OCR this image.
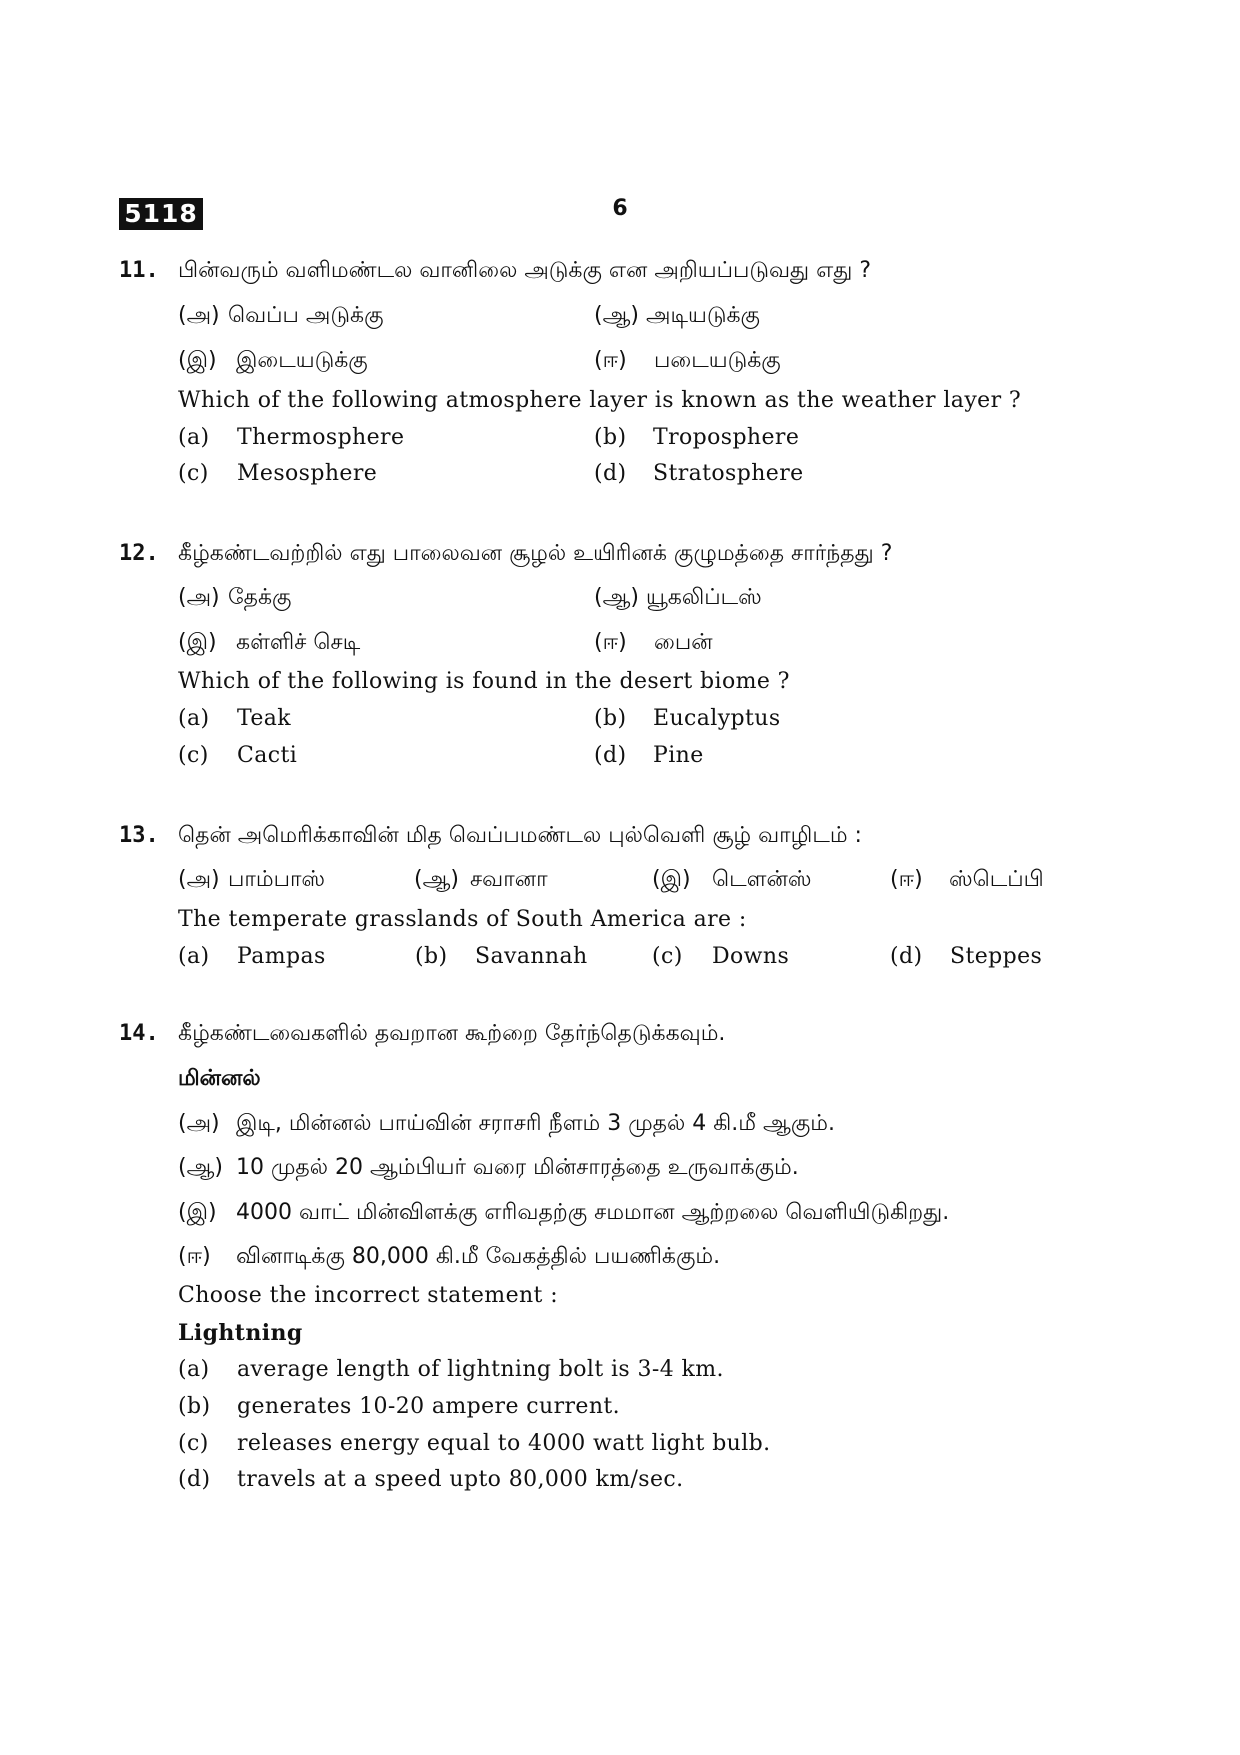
5118	6
11. பின்வரும் வளிமண்டல வானிலை அடுக்கு என அறியப்படுவது எது ?
(அ) வெப்ப அடுக்கு	(ஆ) அடியடுக்கு
(இ) இடையடுக்கு	(ஈ) படையடுக்கு
Which of the following atmosphere layer is known as the weather layer ?
(a) Thermosphere	(b) Troposphere
(c) Mesosphere	(d) Stratosphere
12. கீழ்கண்டவற்றில் எது பாலைவன சூழல் உயிரினக் குழுமத்தை சார்ந்தது ?
(அ) தேக்கு	(ஆ) யூகலிப்டஸ்
(இ) கள்ளிச் செடி	(ஈ) பைன்
Which of the following is found in the desert biome ?
(a) Teak	(b) Eucalyptus
(c) Cacti	(d) Pine
13. தென் அமெரிக்காவின் மித வெப்பமண்டல புல்வெளி சூழ் வாழிடம் :
(அ) பாம்பாஸ்	(ஆ) சவானா	(இ) டௌன்ஸ்	(ஈ) ஸ்டெப்பி
The temperate grasslands of South America are :
(a) Pampas	(b) Savannah	(c) Downs	(d) Steppes
14. கீழ்கண்டவைகளில் தவறான கூற்றை தேர்ந்தெடுக்கவும்.
மின்னல்
(அ) இடி, மின்னல் பாய்வின் சராசரி நீளம் 3 முதல் 4 கி.மீ ஆகும்.
(ஆ) 10 முதல் 20 ஆம்பியர் வரை மின்சாரத்தை உருவாக்கும்.
(இ) 4000 வாட் மின்விளக்கு எரிவதற்கு சமமான ஆற்றலை வெளியிடுகிறது.
(ஈ) வினாடிக்கு 80,000 கி.மீ வேகத்தில் பயணிக்கும்.
Choose the incorrect statement :
Lightning
(a) average length of lightning bolt is 3-4 km.
(b) generates 10-20 ampere current.
(c) releases energy equal to 4000 watt light bulb.
(d) travels at a speed upto 80,000 km/sec.
